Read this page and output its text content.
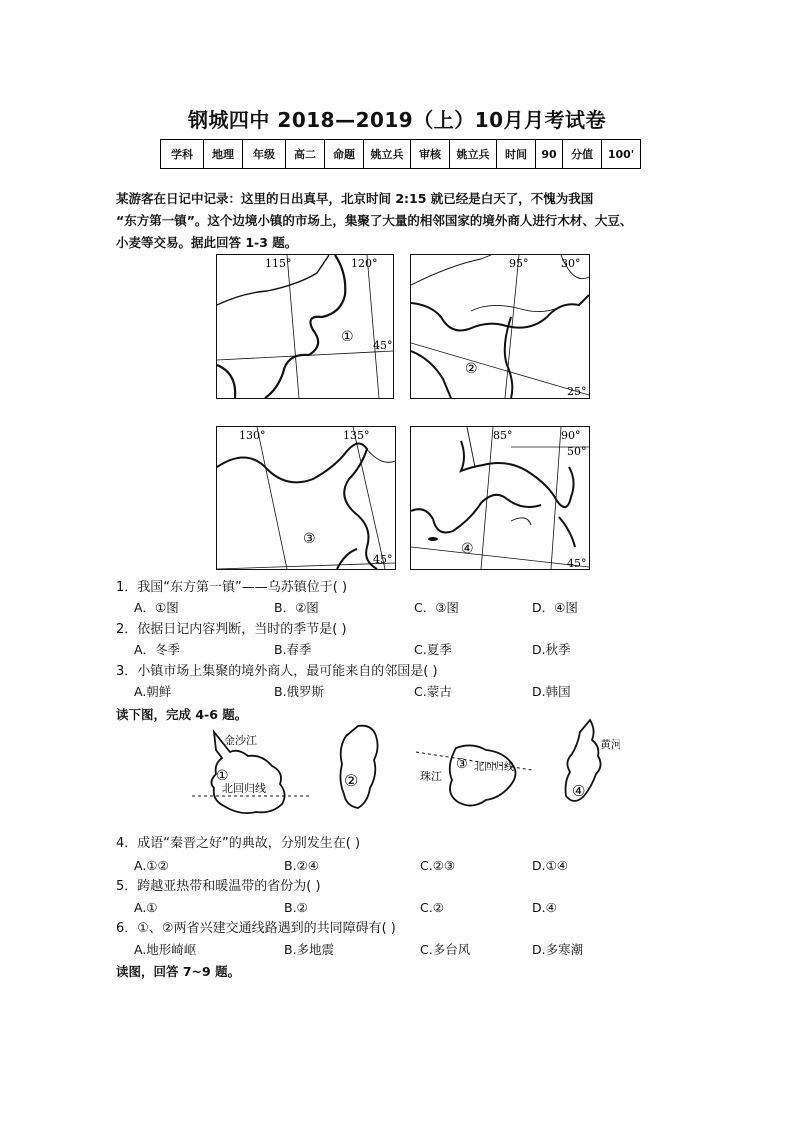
钢城四中 2018—2019（上）10月月考试卷
学科	地理	年级	高二	命题	姚立兵	审核	姚立兵	时间	90	分值	100'
某游客在日记中记录：这里的日出真早，北京时间 2:15 就已经是白天了，不愧为我国
“东方第一镇”。这个边境小镇的市场上，集聚了大量的相邻国家的境外商人进行木材、大豆、
小麦等交易。据此回答 1-3 题。
115°	120°
45°
①
95°	30°
25°
②
130°	135°
45°
③
85°	90°
50°
45°
④
1．我国“东方第一镇”——乌苏镇位于( )
A．①图	B．②图	C．③图	D．④图
2．依据日记内容判断，当时的季节是( )
A．冬季	B.春季	C.夏季	D.秋季
3．小镇市场上集聚的境外商人，最可能来自的邻国是( )
A.朝鲜	B.俄罗斯	C.蒙古	D.韩国
读下图，完成 4-6 题。
金沙江
①
北回归线	②
③ 北回归线
珠江
黄河
④
4．成语“秦晋之好”的典故，分别发生在( )
A.①②	B.②④	C.②③	D.①④
5．跨越亚热带和暖温带的省份为( )
A.①	B.②	C.②	D.④
6．①、②两省兴建交通线路遇到的共同障碍有( )
A.地形崎岖	B.多地震	C.多台风	D.多寒潮
读图，回答 7~9 题。
